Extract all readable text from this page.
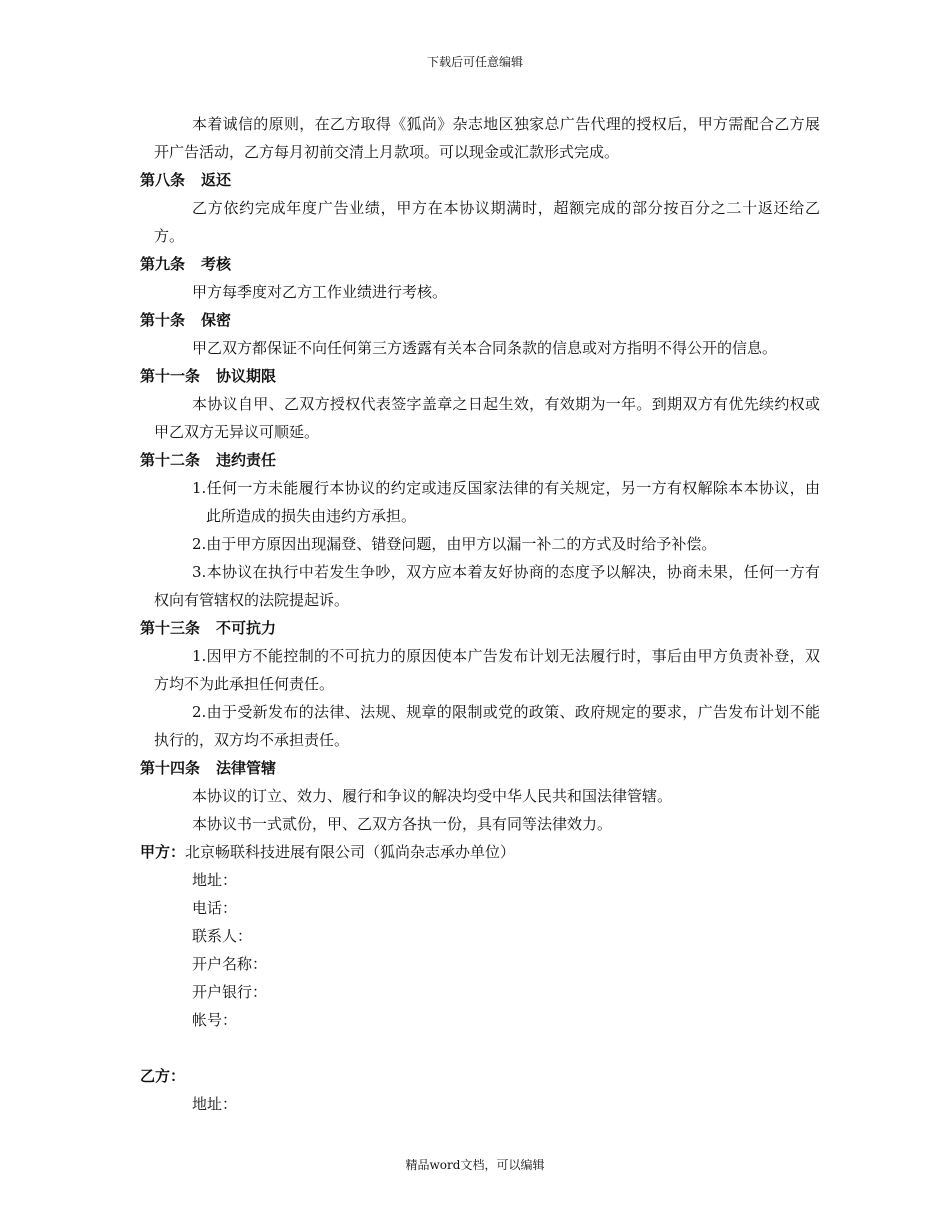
下载后可任意编辑

本着诚信的原则，在乙方取得《狐尚》杂志地区独家总广告代理的授权后，甲方需配合乙方展开广告活动，乙方每月初前交清上月款项。可以现金或汇款形式完成。

第八条 返还

乙方依约完成年度广告业绩，甲方在本协议期满时，超额完成的部分按百分之二十返还给乙方。

第九条 考核

甲方每季度对乙方工作业绩进行考核。

第十条 保密

甲乙双方都保证不向任何第三方透露有关本合同条款的信息或对方指明不得公开的信息。

第十一条 协议期限

本协议自甲、乙双方授权代表签字盖章之日起生效，有效期为一年。到期双方有优先续约权或甲乙双方无异议可顺延。

第十二条 违约责任

1.任何一方未能履行本协议的约定或违反国家法律的有关规定，另一方有权解除本本协议，由此所造成的损失由违约方承担。

2.由于甲方原因出现漏登、错登问题，由甲方以漏一补二的方式及时给予补偿。

3.本协议在执行中若发生争吵，双方应本着友好协商的态度予以解决，协商未果，任何一方有权向有管辖权的法院提起诉。

第十三条 不可抗力

1.因甲方不能控制的不可抗力的原因使本广告发布计划无法履行时，事后由甲方负责补登，双方均不为此承担任何责任。

2.由于受新发布的法律、法规、规章的限制或党的政策、政府规定的要求，广告发布计划不能执行的，双方均不承担责任。

第十四条 法律管辖

本协议的订立、效力、履行和争议的解决均受中华人民共和国法律管辖。

本协议书一式贰份，甲、乙双方各执一份，具有同等法律效力。

甲方：北京畅联科技进展有限公司（狐尚杂志承办单位）

地址：

电话：

联系人：

开户名称：

开户银行：

帐号：

乙方：

地址：

精品word文档，可以编辑
